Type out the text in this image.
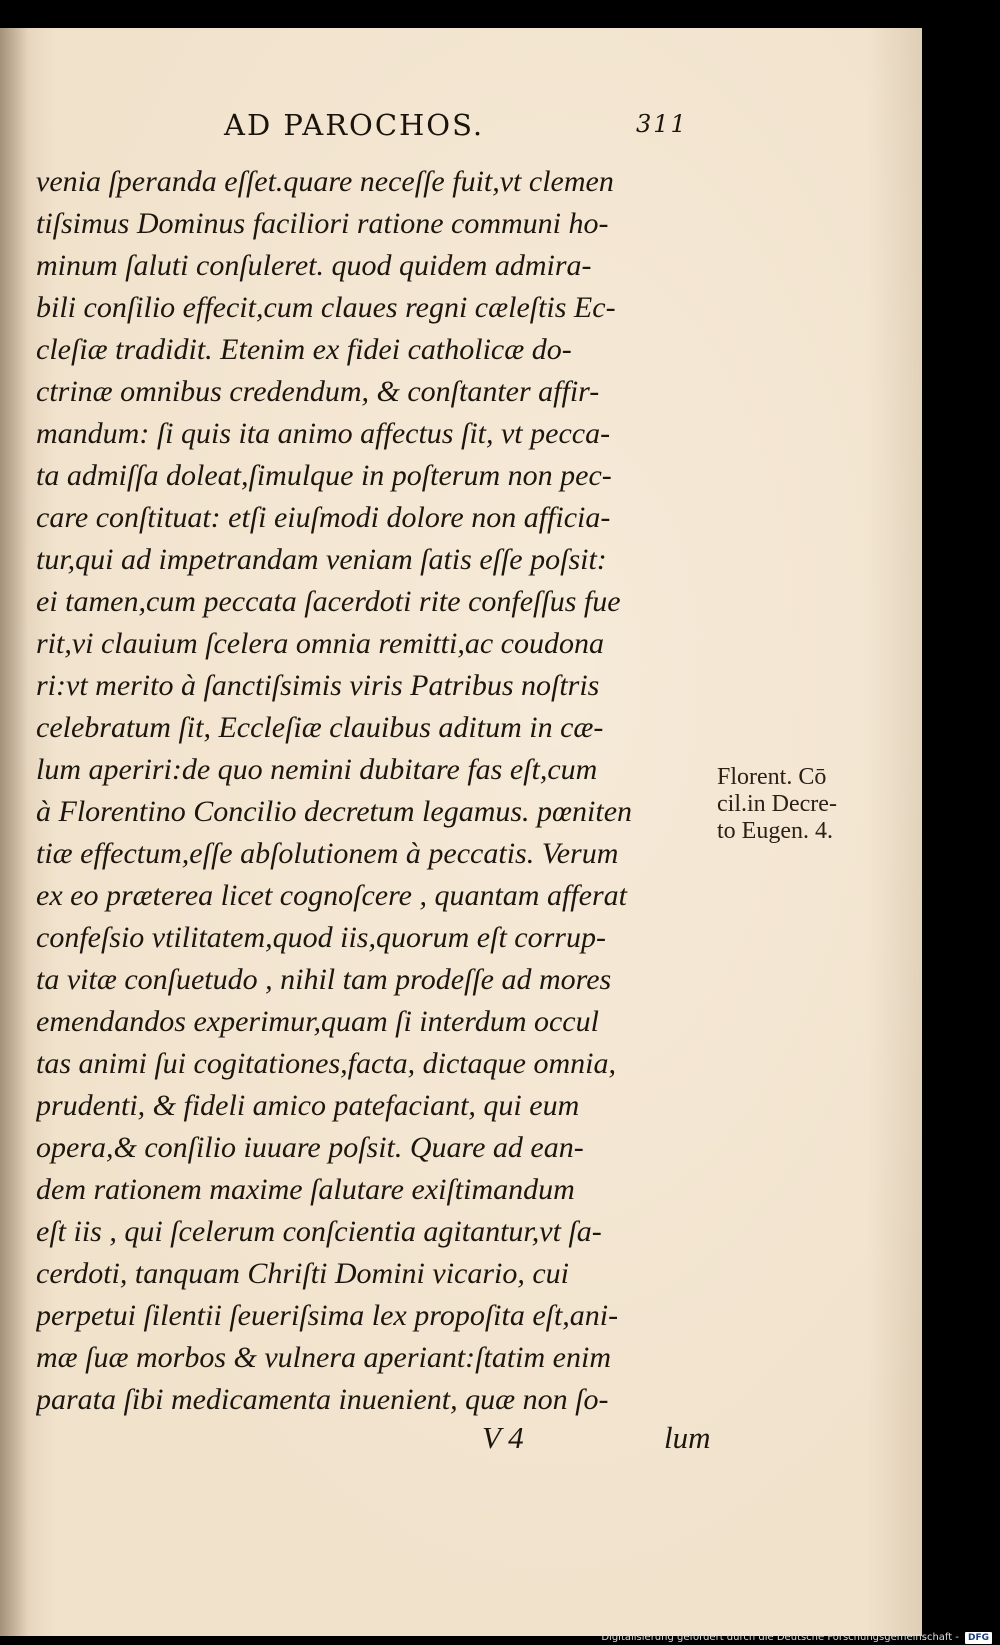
AD PAROCHOS.	311
venia ſperanda eſſet.quare neceſſe fuit,vt clemen
tiſsimus Dominus faciliori ratione communi ho-
minum ſaluti conſuleret. quod quidem admira-
bili conſilio effecit,cum claues regni cæleſtis Ec-
cleſiæ tradidit. Etenim ex fidei catholicæ do-
ctrinæ omnibus credendum, & conſtanter affir-
mandum: ſi quis ita animo affectus ſit, vt pecca-
ta admiſſa doleat,ſimulque in poſterum non pec-
care conſtituat: etſi eiuſmodi dolore non afficia-
tur,qui ad impetrandam veniam ſatis eſſe poſsit:
ei tamen,cum peccata ſacerdoti rite confeſſus fue
rit,vi clauium ſcelera omnia remitti,ac coudona
ri:vt merito à ſanctiſsimis viris Patribus noſtris
celebratum ſit, Eccleſiæ clauibus aditum in cæ-
lum aperiri:de quo nemini dubitare fas eſt,cum
à Florentino Concilio decretum legamus. pœniten
tiæ effectum,eſſe abſolutionem à peccatis. Verum
ex eo præterea licet cognoſcere , quantam afferat
confeſsio vtilitatem,quod iis,quorum eſt corrup-
ta vitæ conſuetudo , nihil tam prodeſſe ad mores
emendandos experimur,quam ſi interdum occul
tas animi ſui cogitationes,facta, dictaque omnia,
prudenti, & fideli amico patefaciant, qui eum
opera,& conſilio iuuare poſsit. Quare ad ean-
dem rationem maxime ſalutare exiſtimandum
eſt iis , qui ſcelerum conſcientia agitantur,vt ſa-
cerdoti, tanquam Chriſti Domini vicario, cui
perpetui ſilentii ſeueriſsima lex propoſita eſt,ani-
mæ ſuæ morbos & vulnera aperiant:ſtatim enim
parata ſibi medicamenta inuenient, quæ non ſo-
Florent. Cō
cil.in Decre-
to Eugen. 4.
V 4	lum
Digitalisierung gefördert durch die Deutsche Forschungsgemeinschaft -	DFG
